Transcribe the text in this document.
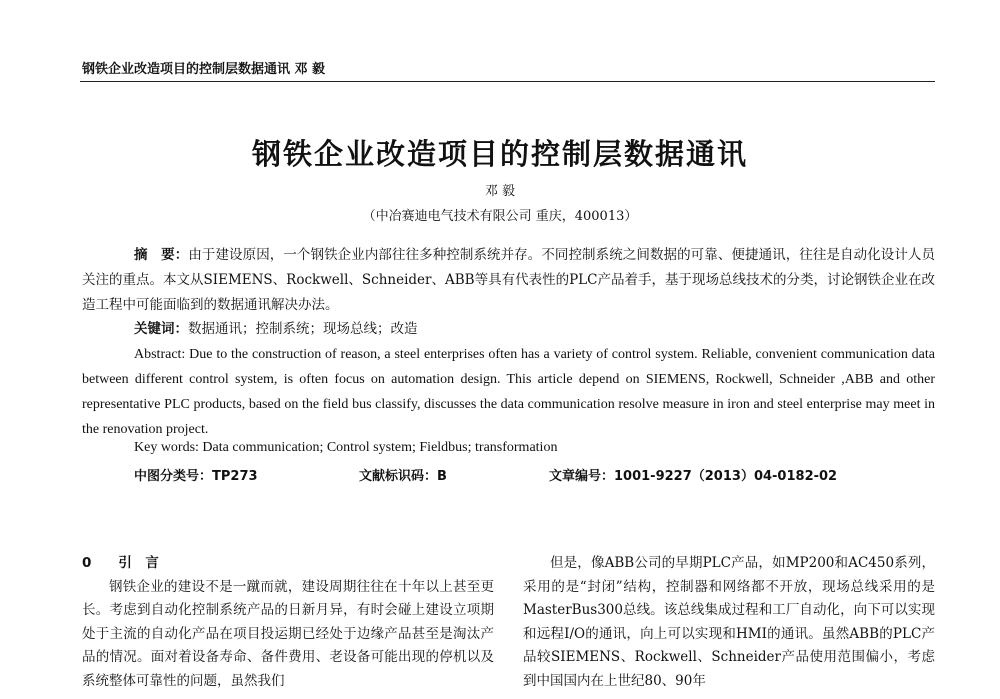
钢铁企业改造项目的控制层数据通讯 邓 毅
钢铁企业改造项目的控制层数据通讯
邓 毅
（中冶赛迪电气技术有限公司 重庆，400013）
摘　要：由于建设原因，一个钢铁企业内部往往多种控制系统并存。不同控制系统之间数据的可靠、便捷通讯，往往是自动化设计人员关注的重点。本文从SIEMENS、Rockwell、Schneider、ABB等具有代表性的PLC产品着手，基于现场总线技术的分类，讨论钢铁企业在改造工程中可能面临到的数据通讯解决办法。
关键词：数据通讯；控制系统；现场总线；改造
Abstract: Due to the construction of reason, a steel enterprises often has a variety of control system. Reliable, convenient communication data between different control system, is often focus on automation design. This article depend on SIEMENS, Rockwell, Schneider ,ABB and other representative PLC products, based on the field bus classify, discusses the data communication resolve measure in iron and steel enterprise may meet in the renovation project.
Key words: Data communication; Control system; Fieldbus; transformation
中图分类号：TP273	文献标识码：B	文章编号：1001-9227（2013）04-0182-02
0　　引　言
钢铁企业的建设不是一蹴而就，建设周期往往在十年以上甚至更长。考虑到自动化控制系统产品的日新月异，有时会碰上建设立项期处于主流的自动化产品在项目投运期已经处于边缘产品甚至是淘汰产品的情况。面对着设备寿命、备件费用、老设备可能出现的停机以及系统整体可靠性的问题，虽然我们
但是，像ABB公司的早期PLC产品，如MP200和AC450系列，采用的是“封闭”结构，控制器和网络都不开放，现场总线采用的是MasterBus300总线。该总线集成过程和工厂自动化，向下可以实现和远程I/O的通讯，向上可以实现和HMI的通讯。虽然ABB的PLC产品较SIEMENS、Rockwell、Schneider产品使用范围偏小，考虑到中国国内在上世纪80、90年
